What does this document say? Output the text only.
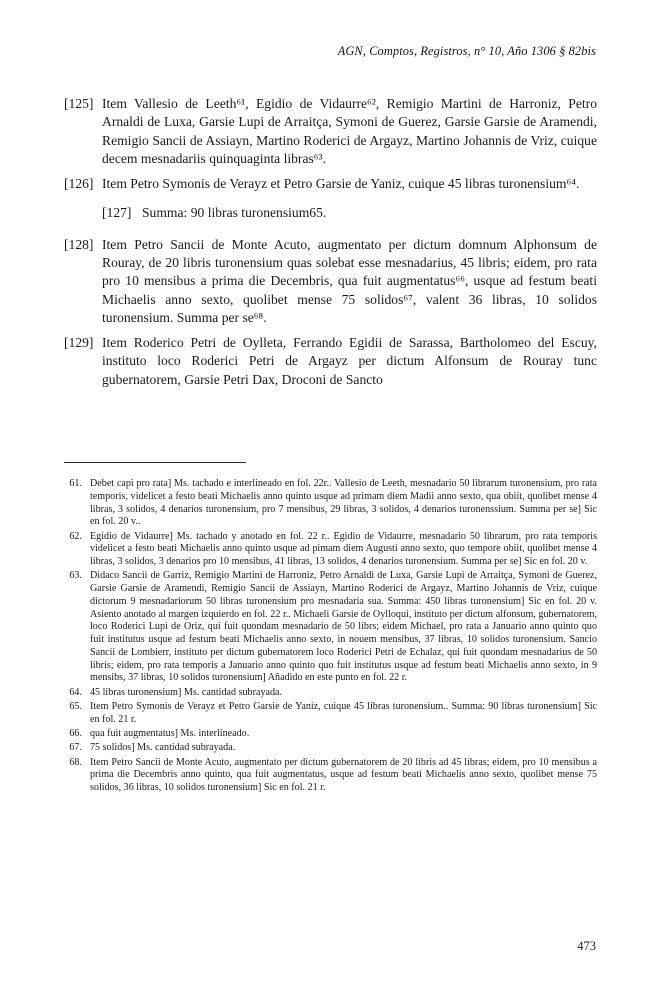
AGN, Comptos, Registros, n° 10, Año 1306 § 82bis
[125] Item Vallesio de Leeth⁶¹, Egidio de Vidaurre⁶², Remigio Martini de Harroniz, Petro Arnaldi de Luxa, Garsie Lupi de Arraitça, Symoni de Guerez, Garsie Garsie de Aramendi, Remigio Sancii de Assiayn, Martino Roderici de Argayz, Martino Johannis de Vriz, cuique decem mesnadariis quinquaginta libras⁶³.
[126] Item Petro Symonis de Verayz et Petro Garsie de Yaniz, cuique 45 libras turonensium⁶⁴.
[127] Summa: 90 libras turonensium65.
[128] Item Petro Sancii de Monte Acuto, augmentato per dictum domnum Alphonsum de Rouray, de 20 libris turonensium quas solebat esse mesnadarius, 45 libris; eidem, pro rata pro 10 mensibus a prima die Decembris, qua fuit augmentatus⁶⁶, usque ad festum beati Michaelis anno sexto, quolibet mense 75 solidos⁶⁷, valent 36 libras, 10 solidos turonensium. Summa per se⁶⁸.
[129] Item Roderico Petri de Oylleta, Ferrando Egidii de Sarassa, Bartholomeo del Escuy, instituto loco Roderici Petri de Argayz per dictum Alfonsum de Rouray tunc gubernatorem, Garsie Petri Dax, Droconi de Sancto
61. Debet capi pro rata] Ms. tachado e interlineado en fol. 22r.. Vallesio de Leeth, mesnadario 50 librarum turonensium, pro rata temporis, videlicet a festo beati Michaelis anno quinto usque ad primam diem Madii anno sexto, qua obiit, quolibet mense 4 libras, 3 solidos, 4 denarios turonensium, pro 7 mensibus, 29 libras, 3 solidos, 4 denarios turonenssium. Summa per se] Sic en fol. 20 v..
62. Egidio de Vidaurre] Ms. tachado y anotado en fol. 22 r.. Egidio de Vidaurre, mesnadario 50 librarum, pro rata temporis videlicet a festo beati Michaelis anno quinto usque ad pimam diem Augusti anno sexto, quo tempore obiit, quolibet mense 4 libras, 3 solidos, 3 denarios pro 10 mensibus, 41 libras, 13 solidos, 4 denarios turonensium. Summa per se] Sic en fol. 20 v.
63. Didaco Sancii de Garriz, Remigio Martini de Harroniz, Petro Arnaldi de Luxa, Garsie Lupi de Arraitça, Symoni de Guerez, Garsie Garsie de Aramendi, Remigio Sancii de Assiayn, Martino Roderici de Argayz, Martino Johannis de Vriz, cuique dictorum 9 mesnadariorum 50 libras turonensium pro mesnadaria sua. Summa: 450 libras turonensium] Sic en fol. 20 v. Asiento anotado al margen izquierdo en fol. 22 r.. Michaeli Garsie de Oylloqui, instituto per dictum alfonsum, gubernatorem, loco Roderici Lupi de Oriz, qui fuit quondam mesnadario de 50 librs; eidem Michael, pro rata a Januario anno quinto quo fuit institutus usque ad festum beati Michaelis anno sexto, in nouem mensibus, 37 libras, 10 solidos turonensium. Sancio Sancii de Lombierr, instituto per dictum gubernatorem loco Roderici Petri de Echalaz, qui fuit quondam mesnadarius de 50 libris; eidem, pro rata temporis a Januario anno quinto quo fuit institutus usque ad festum beati Michaelis anno sexto, in 9 mensibs, 37 libras, 10 solidos turonensium] Añadido en este punto en fol. 22 r.
64. 45 libras turonensium] Ms. cantidad subrayada.
65. Item Petro Symonis de Verayz et Petro Garsie de Yaniz, cuique 45 libras turonensium.. Summa: 90 libras turonensium] Sic en fol. 21 r.
66. qua fuit augmentatus] Ms. interlineado.
67. 75 solidos] Ms. cantidad subrayada.
68. Item Petro Sancii de Monte Acuto, augmentato per dictum gubernatorem de 20 libris ad 45 libras; eidem, pro 10 mensibus a prima die Decembris anno quinto, qua fuit augmentatus, usque ad festum beati Michaelis anno sexto, quolibet mense 75 solidos, 36 libras, 10 solidos turonensium] Sic en fol. 21 r.
473
